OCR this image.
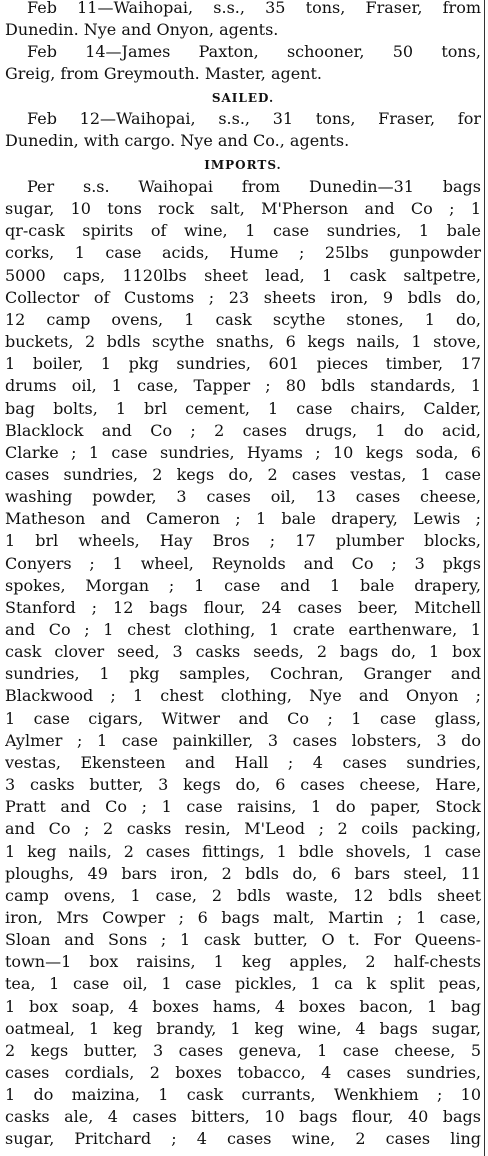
Feb 11—Waihopai, s.s., 35 tons, Fraser, from
Dunedin. Nye and Onyon, agents.
Feb 14—James Paxton, schooner, 50 tons,
Greig, from Greymouth. Master, agent.
SAILED.
Feb 12—Waihopai, s.s., 31 tons, Fraser, for
Dunedin, with cargo. Nye and Co., agents.
IMPORTS.
Per s.s. Waihopai from Dunedin—31 bags
sugar, 10 tons rock salt, M'Pherson and Co ; 1
qr-cask spirits of wine, 1 case sundries, 1 bale
corks, 1 case acids, Hume ; 25lbs gunpowder
5000 caps, 1120lbs sheet lead, 1 cask saltpetre,
Collector of Customs ; 23 sheets iron, 9 bdls do,
12 camp ovens, 1 cask scythe stones, 1 do,
buckets, 2 bdls scythe snaths, 6 kegs nails, 1 stove,
1 boiler, 1 pkg sundries, 601 pieces timber, 17
drums oil, 1 case, Tapper ; 80 bdls standards, 1
bag bolts, 1 brl cement, 1 case chairs, Calder,
Blacklock and Co ; 2 cases drugs, 1 do acid,
Clarke ; 1 case sundries, Hyams ; 10 kegs soda, 6
cases sundries, 2 kegs do, 2 cases vestas, 1 case
washing powder, 3 cases oil, 13 cases cheese,
Matheson and Cameron ; 1 bale drapery, Lewis ;
1 brl wheels, Hay Bros ; 17 plumber blocks,
Conyers ; 1 wheel, Reynolds and Co ; 3 pkgs
spokes, Morgan ; 1 case and 1 bale drapery,
Stanford ; 12 bags flour, 24 cases beer, Mitchell
and Co ; 1 chest clothing, 1 crate earthenware, 1
cask clover seed, 3 casks seeds, 2 bags do, 1 box
sundries, 1 pkg samples, Cochran, Granger and
Blackwood ; 1 chest clothing, Nye and Onyon ;
1 case cigars, Witwer and Co ; 1 case glass,
Aylmer ; 1 case painkiller, 3 cases lobsters, 3 do
vestas, Ekensteen and Hall ; 4 cases sundries,
3 casks butter, 3 kegs do, 6 cases cheese, Hare,
Pratt and Co ; 1 case raisins, 1 do paper, Stock
and Co ; 2 casks resin, M'Leod ; 2 coils packing,
1 keg nails, 2 cases fittings, 1 bdle shovels, 1 case
ploughs, 49 bars iron, 2 bdls do, 6 bars steel, 11
camp ovens, 1 case, 2 bdls waste, 12 bdls sheet
iron, Mrs Cowper ; 6 bags malt, Martin ; 1 case,
Sloan and Sons ; 1 cask butter, O t. For Queens-
town—1 box raisins, 1 keg apples, 2 half-chests
tea, 1 case oil, 1 case pickles, 1 ca k split peas,
1 box soap, 4 boxes hams, 4 boxes bacon, 1 bag
oatmeal, 1 keg brandy, 1 keg wine, 4 bags sugar,
2 kegs butter, 3 cases geneva, 1 case cheese, 5
cases cordials, 2 boxes tobacco, 4 cases sundries,
1 do maizina, 1 cask currants, Wenkhiem ; 10
casks ale, 4 cases bitters, 10 bags flour, 40 bags
sugar, Pritchard ; 4 cases wine, 2 cases ling
